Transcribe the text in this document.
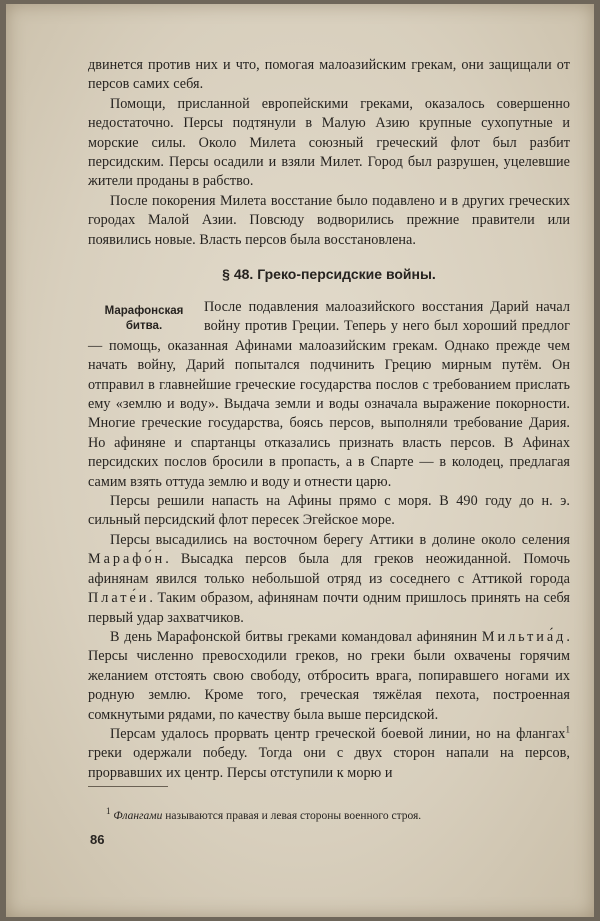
двинется против них и что, помогая малоазийским грекам, они защищали от персов самих себя.

Помощи, присланной европейскими греками, оказалось совершенно недостаточно. Персы подтянули в Малую Азию крупные сухопутные и морские силы. Около Милета союзный греческий флот был разбит персидским. Персы осадили и взяли Милет. Город был разрушен, уцелевшие жители проданы в рабство.

После покорения Милета восстание было подавлено и в других греческих городах Малой Азии. Повсюду водворились прежние правители или появились новые. Власть персов была восстановлена.

§ 48. Греко-персидские войны.
Марафонская битва.

После подавления малоазийского восстания Дарий начал войну против Греции. Теперь у него был хороший предлог — помощь, оказанная Афинами малоазийским грекам. Однако прежде чем начать войну, Дарий попытался подчинить Грецию мирным путём. Он отправил в главнейшие греческие государства послов с требованием прислать ему «землю и воду». Выдача земли и воды означала выражение покорности. Многие греческие государства, боясь персов, выполняли требование Дария. Но афиняне и спартанцы отказались признать власть персов. В Афинах персидских послов бросили в пропасть, а в Спарте — в колодец, предлагая самим взять оттуда землю и воду и отнести царю.

Персы решили напасть на Афины прямо с моря. В 490 году до н. э. сильный персидский флот пересек Эгейское море.

Персы высадились на восточном берегу Аттики в долине около селения Марафо́н. Высадка персов была для греков неожиданной. Помочь афинянам явился только небольшой отряд из соседнего с Аттикой города Плате́и. Таким образом, афинянам почти одним пришлось принять на себя первый удар захватчиков.

В день Марафонской битвы греками командовал афинянин Мильтиа́д. Персы численно превосходили греков, но греки были охвачены горячим желанием отстоять свою свободу, отбросить врага, попиравшего ногами их родную землю. Кроме того, греческая тяжёлая пехота, построенная сомкнутыми рядами, по качеству была выше персидской.

Персам удалось прорвать центр греческой боевой линии, но на флангах$^1$ греки одержали победу. Тогда они с двух сторон напали на персов, прорвавших их центр. Персы отступили к морю и

$^1$ Флангами называются правая и левая стороны военного строя.
86
